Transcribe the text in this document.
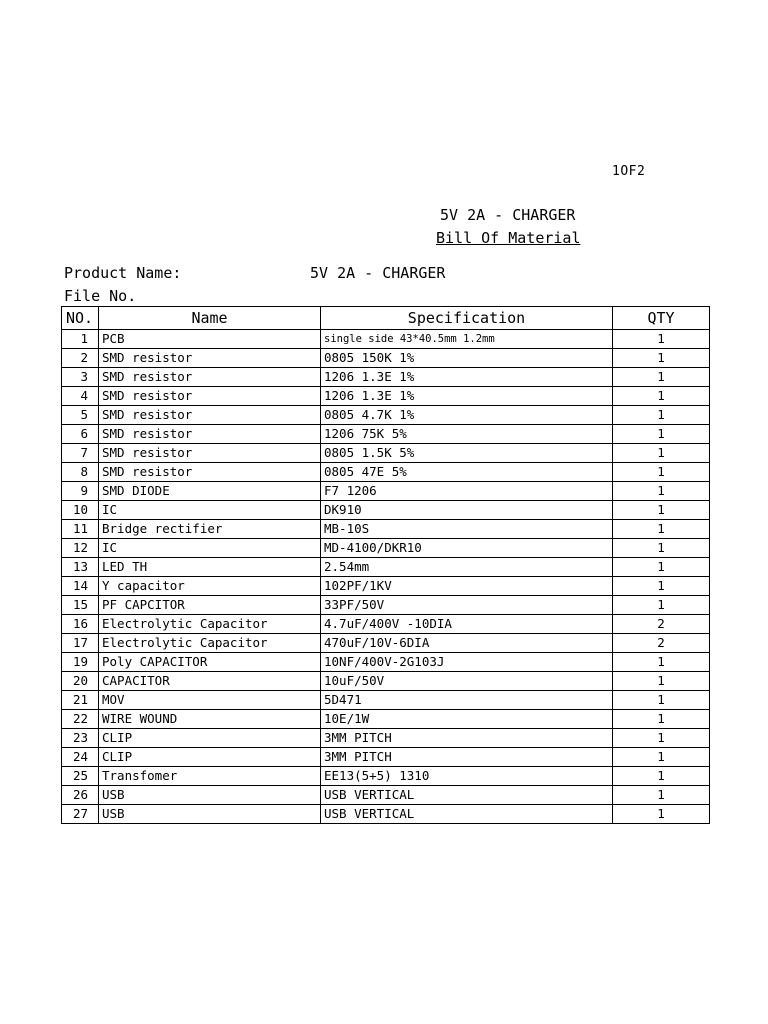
1OF2
5V 2A - CHARGER
Bill Of Material
Product Name:	5V 2A - CHARGER
File No.
NO.	Name	Specification	QTY
1	PCB	single side 43*40.5mm 1.2mm	1
2	SMD resistor	0805 150K 1%	1
3	SMD resistor	1206 1.3E 1%	1
4	SMD resistor	1206 1.3E 1%	1
5	SMD resistor	0805 4.7K 1%	1
6	SMD resistor	1206 75K 5%	1
7	SMD resistor	0805 1.5K 5%	1
8	SMD resistor	0805 47E 5%	1
9	SMD DIODE	F7 1206	1
10	IC	DK910	1
11	Bridge rectifier	MB-10S	1
12	IC	MD-4100/DKR10	1
13	LED TH	2.54mm	1
14	Y capacitor	102PF/1KV	1
15	PF CAPCITOR	33PF/50V	1
16	Electrolytic Capacitor	4.7uF/400V -10DIA	2
17	Electrolytic Capacitor	470uF/10V-6DIA	2
19	Poly CAPACITOR	10NF/400V-2G103J	1
20	CAPACITOR	10uF/50V	1
21	MOV	5D471	1
22	WIRE WOUND	10E/1W	1
23	CLIP	3MM PITCH	1
24	CLIP	3MM PITCH	1
25	Transfomer	EE13(5+5) 1310	1
26	USB	USB VERTICAL	1
27	USB	USB VERTICAL	1
